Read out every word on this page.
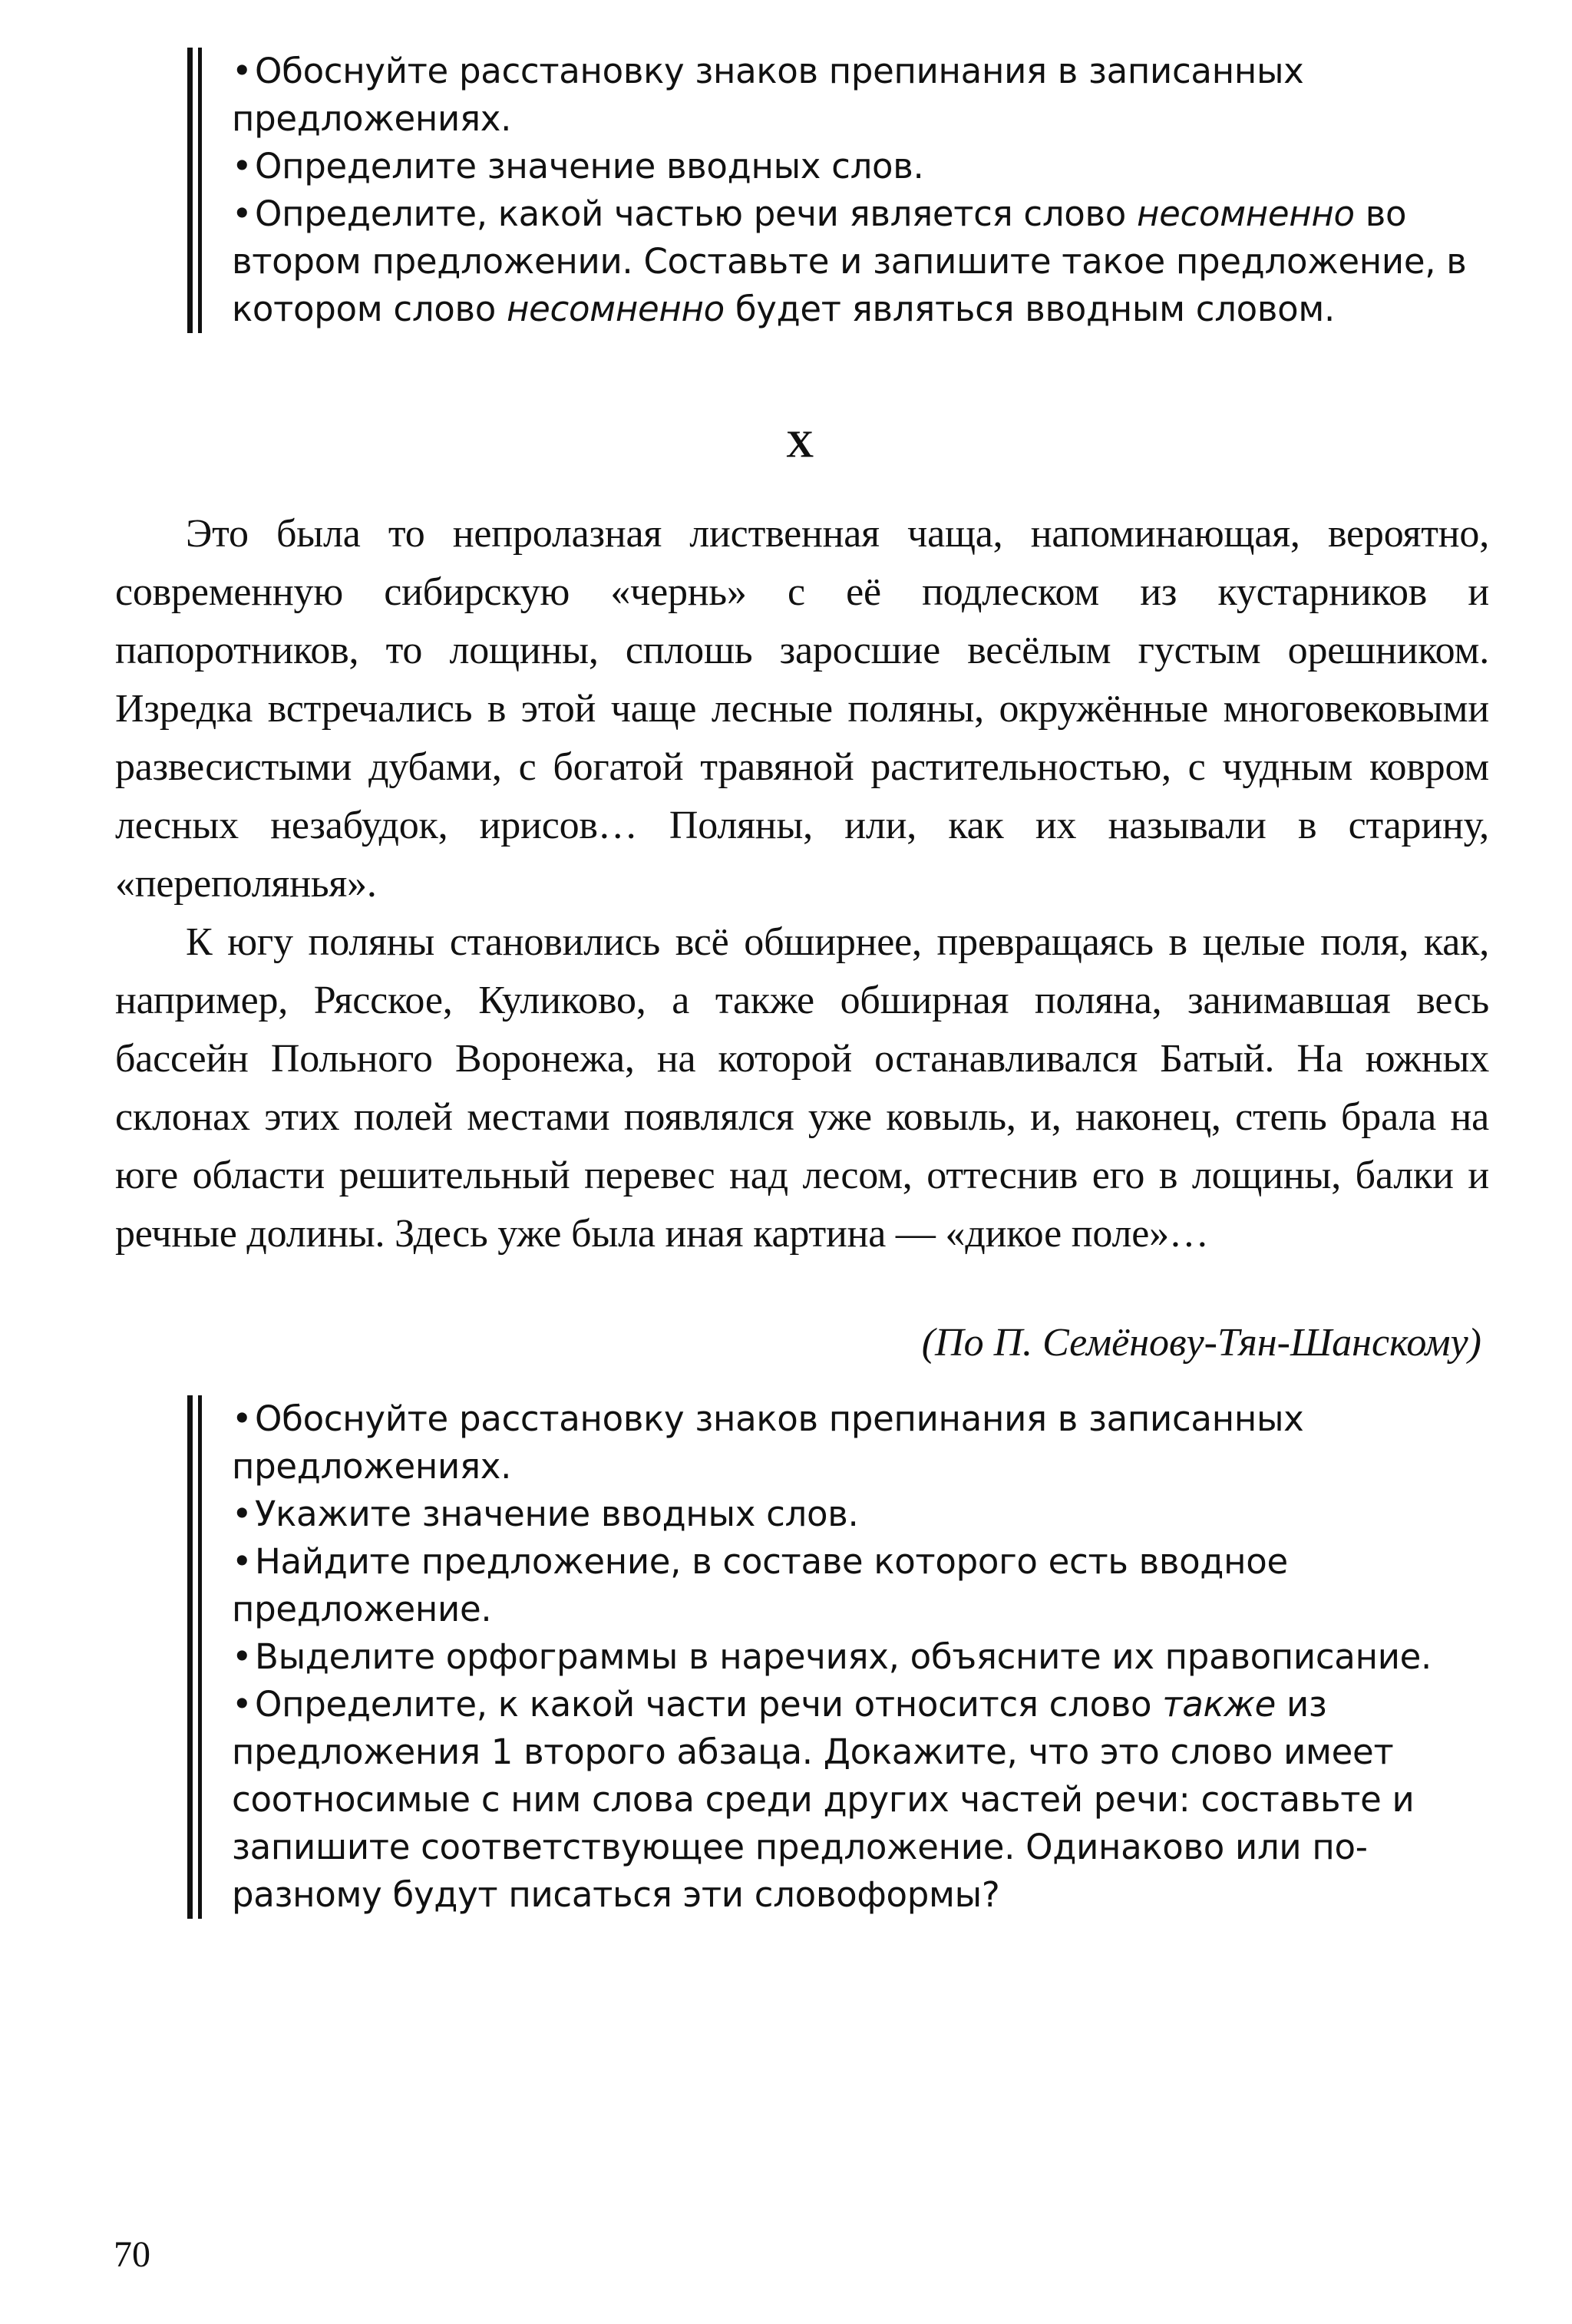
•Обоснуйте расстановку знаков препинания в записанных предложениях.
•Определите значение вводных слов.
•Определите, какой частью речи является слово несомненно во втором предложении. Составьте и запишите такое предложение, в котором слово несомненно будет являться вводным словом.
X

Это была то непролазная лиственная чаща, напоминающая, вероятно, современную сибирскую «чернь» с её подлеском из кустарников и папоротников, то лощины, сплошь заросшие весёлым густым орешником. Изредка встречались в этой чаще лесные поляны, окружённые многовековыми развесистыми дубами, с богатой травяной растительностью, с чудным ковром лесных незабудок, ирисов… Поляны, или, как их называли в старину, «переполянья».

К югу поляны становились всё обширнее, превращаясь в целые поля, как, например, Рясское, Куликово, а также обширная поляна, занимавшая весь бассейн Польного Воронежа, на которой останавливался Батый. На южных склонах этих полей местами появлялся уже ковыль, и, наконец, степь брала на юге области решительный перевес над лесом, оттеснив его в лощины, балки и речные долины. Здесь уже была иная картина — «дикое поле»…

(По П. Семёнову-Тян-Шанскому)
•Обоснуйте расстановку знаков препинания в записанных предложениях.
•Укажите значение вводных слов.
•Найдите предложение, в составе которого есть вводное предложение.
•Выделите орфограммы в наречиях, объясните их правописание.
•Определите, к какой части речи относится слово также из предложения 1 второго абзаца. Докажите, что это слово имеет соотносимые с ним слова среди других частей речи: составьте и запишите соответствующее предложение. Одинаково или по-разному будут писаться эти словоформы?
70
